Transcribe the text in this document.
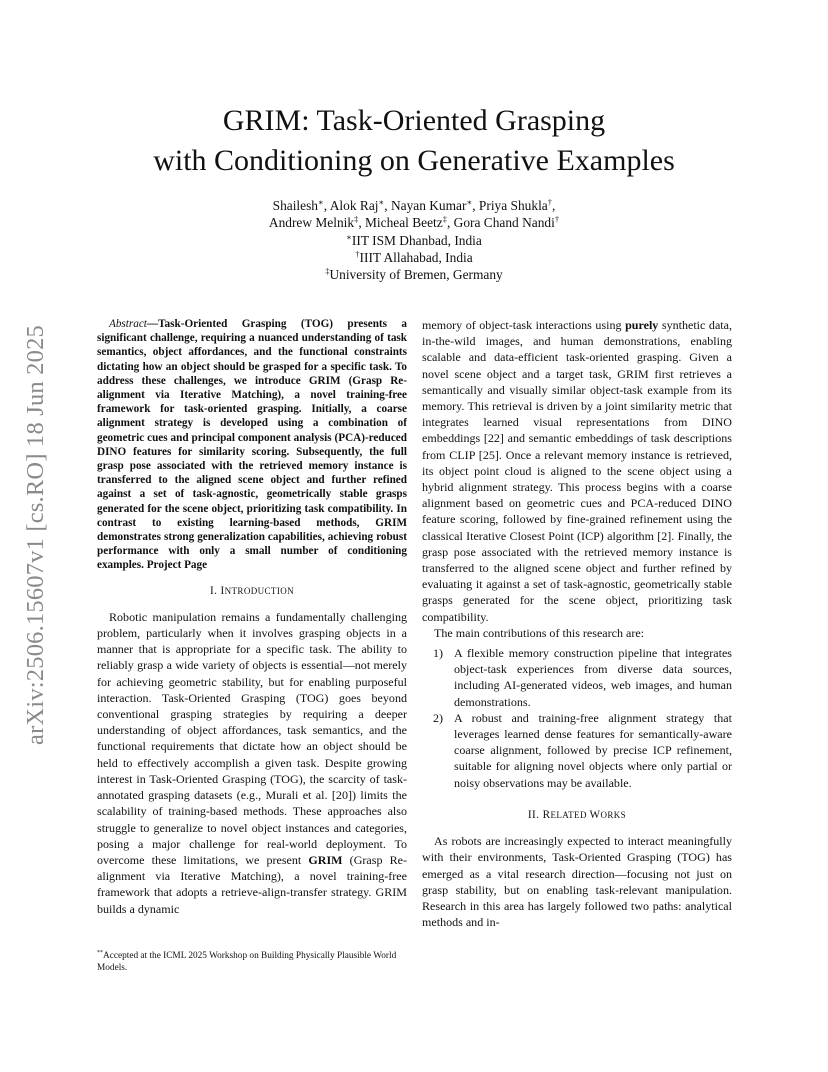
arXiv:2506.15607v1 [cs.RO] 18 Jun 2025
GRIM: Task-Oriented Grasping
with Conditioning on Generative Examples
Shailesh∗, Alok Raj∗, Nayan Kumar∗, Priya Shukla†,
Andrew Melnik‡, Micheal Beetz‡, Gora Chand Nandi†
∗IIT ISM Dhanbad, India
†IIIT Allahabad, India
‡University of Bremen, Germany

Abstract—Task-Oriented Grasping (TOG) presents a significant challenge, requiring a nuanced understanding of task semantics, object affordances, and the functional constraints dictating how an object should be grasped for a specific task. To address these challenges, we introduce GRIM (Grasp Re-alignment via Iterative Matching), a novel training-free framework for task-oriented grasping. Initially, a coarse alignment strategy is developed using a combination of geometric cues and principal component analysis (PCA)-reduced DINO features for similarity scoring. Subsequently, the full grasp pose associated with the retrieved memory instance is transferred to the aligned scene object and further refined against a set of task-agnostic, geometrically stable grasps generated for the scene object, prioritizing task compatibility. In contrast to existing learning-based methods, GRIM demonstrates strong generalization capabilities, achieving robust performance with only a small number of conditioning examples. Project Page

I. INTRODUCTION

Robotic manipulation remains a fundamentally challenging problem, particularly when it involves grasping objects in a manner that is appropriate for a specific task. The ability to reliably grasp a wide variety of objects is essential—not merely for achieving geometric stability, but for enabling purposeful interaction. Task-Oriented Grasping (TOG) goes beyond conventional grasping strategies by requiring a deeper understanding of object affordances, task semantics, and the functional requirements that dictate how an object should be held to effectively accomplish a given task. Despite growing interest in Task-Oriented Grasping (TOG), the scarcity of task-annotated grasping datasets (e.g., Murali et al. [20]) limits the scalability of training-based methods. These approaches also struggle to generalize to novel object instances and categories, posing a major challenge for real-world deployment. To overcome these limitations, we present GRIM (Grasp Re-alignment via Iterative Matching), a novel training-free framework that adopts a retrieve-align-transfer strategy. GRIM builds a dynamic

**Accepted at the ICML 2025 Workshop on Building Physically Plausible World Models.

memory of object-task interactions using purely synthetic data, in-the-wild images, and human demonstrations, enabling scalable and data-efficient task-oriented grasping. Given a novel scene object and a target task, GRIM first retrieves a semantically and visually similar object-task example from its memory. This retrieval is driven by a joint similarity metric that integrates learned visual representations from DINO embeddings [22] and semantic embeddings of task descriptions from CLIP [25]. Once a relevant memory instance is retrieved, its object point cloud is aligned to the scene object using a hybrid alignment strategy. This process begins with a coarse alignment based on geometric cues and PCA-reduced DINO feature scoring, followed by fine-grained refinement using the classical Iterative Closest Point (ICP) algorithm [2]. Finally, the grasp pose associated with the retrieved memory instance is transferred to the aligned scene object and further refined by evaluating it against a set of task-agnostic, geometrically stable grasps generated for the scene object, prioritizing task compatibility.

The main contributions of this research are:

1) A flexible memory construction pipeline that integrates object-task experiences from diverse data sources, including AI-generated videos, web images, and human demonstrations.
2) A robust and training-free alignment strategy that leverages learned dense features for semantically-aware coarse alignment, followed by precise ICP refinement, suitable for aligning novel objects where only partial or noisy observations may be available.
II. RELATED WORKS

As robots are increasingly expected to interact meaningfully with their environments, Task-Oriented Grasping (TOG) has emerged as a vital research direction—focusing not just on grasp stability, but on enabling task-relevant manipulation. Research in this area has largely followed two paths: analytical methods and in-
